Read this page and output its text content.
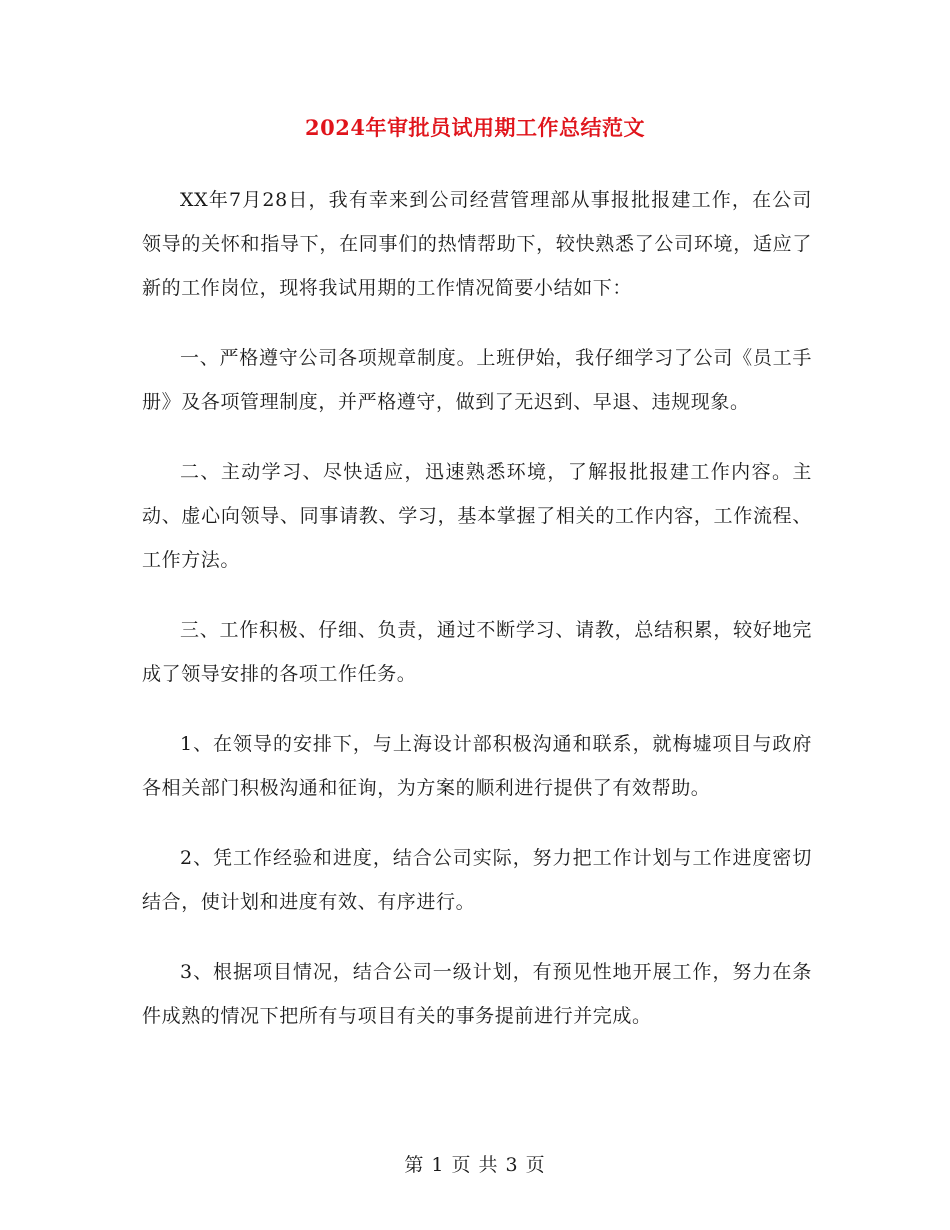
2024年审批员试用期工作总结范文

XX年7月28日，我有幸来到公司经营管理部从事报批报建工作，在公司领导的关怀和指导下，在同事们的热情帮助下，较快熟悉了公司环境，适应了新的工作岗位，现将我试用期的工作情况简要小结如下：

一、严格遵守公司各项规章制度。上班伊始，我仔细学习了公司《员工手册》及各项管理制度，并严格遵守，做到了无迟到、早退、违规现象。

二、主动学习、尽快适应，迅速熟悉环境，了解报批报建工作内容。主动、虚心向领导、同事请教、学习，基本掌握了相关的工作内容，工作流程、工作方法。

三、工作积极、仔细、负责，通过不断学习、请教，总结积累，较好地完成了领导安排的各项工作任务。

1、在领导的安排下，与上海设计部积极沟通和联系，就梅墟项目与政府各相关部门积极沟通和征询，为方案的顺利进行提供了有效帮助。

2、凭工作经验和进度，结合公司实际，努力把工作计划与工作进度密切结合，使计划和进度有效、有序进行。

3、根据项目情况，结合公司一级计划，有预见性地开展工作，努力在条件成熟的情况下把所有与项目有关的事务提前进行并完成。

第 1 页 共 3 页
